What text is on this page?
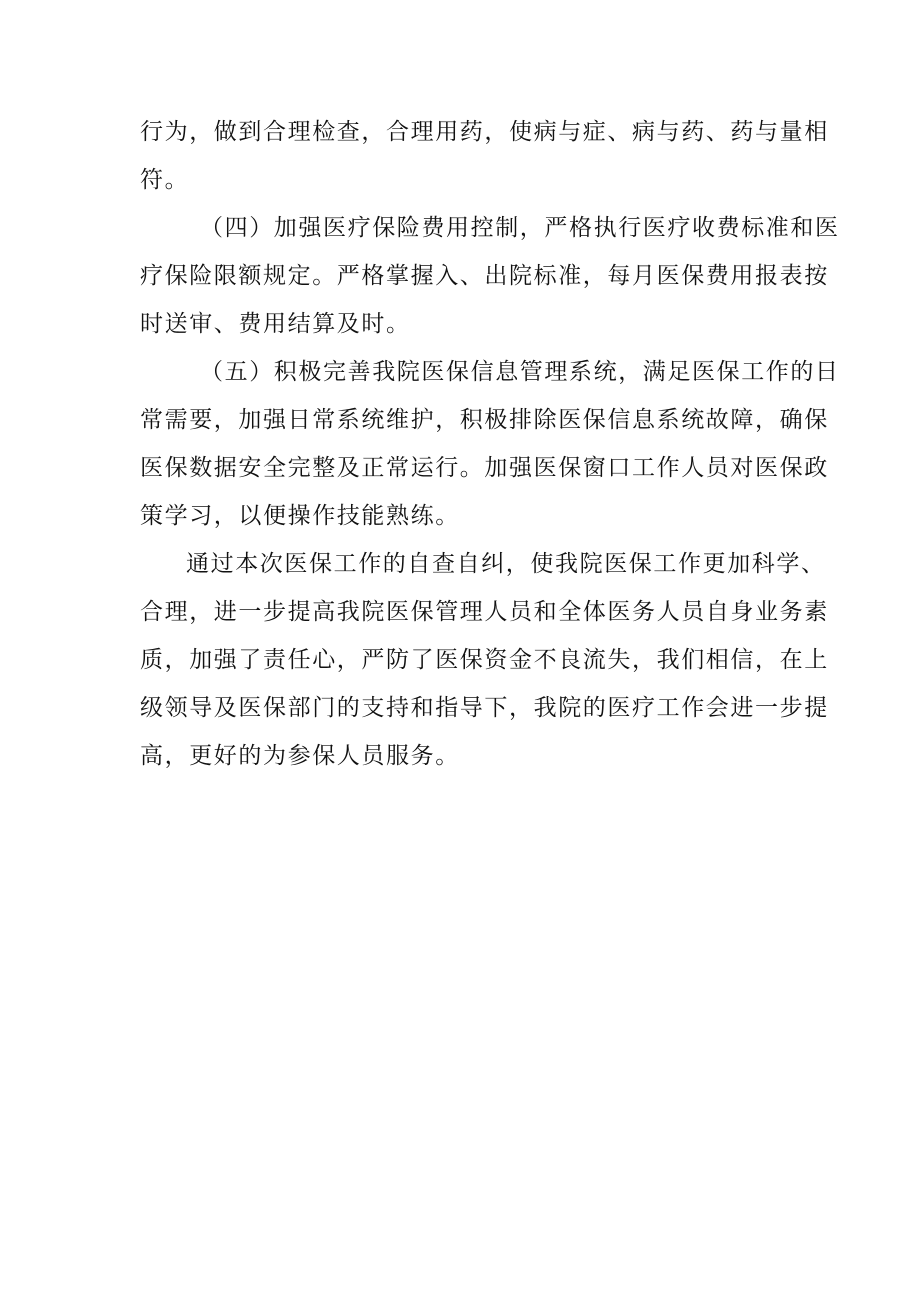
行为，做到合理检查，合理用药，使病与症、病与药、药与量相
符。
（四）加强医疗保险费用控制，严格执行医疗收费标准和医
疗保险限额规定。严格掌握入、出院标准，每月医保费用报表按
时送审、费用结算及时。
（五）积极完善我院医保信息管理系统，满足医保工作的日
常需要，加强日常系统维护，积极排除医保信息系统故障，确保
医保数据安全完整及正常运行。加强医保窗口工作人员对医保政
策学习，以便操作技能熟练。
通过本次医保工作的自查自纠，使我院医保工作更加科学、
合理，进一步提高我院医保管理人员和全体医务人员自身业务素
质，加强了责任心，严防了医保资金不良流失，我们相信，在上
级领导及医保部门的支持和指导下，我院的医疗工作会进一步提
高，更好的为参保人员服务。
